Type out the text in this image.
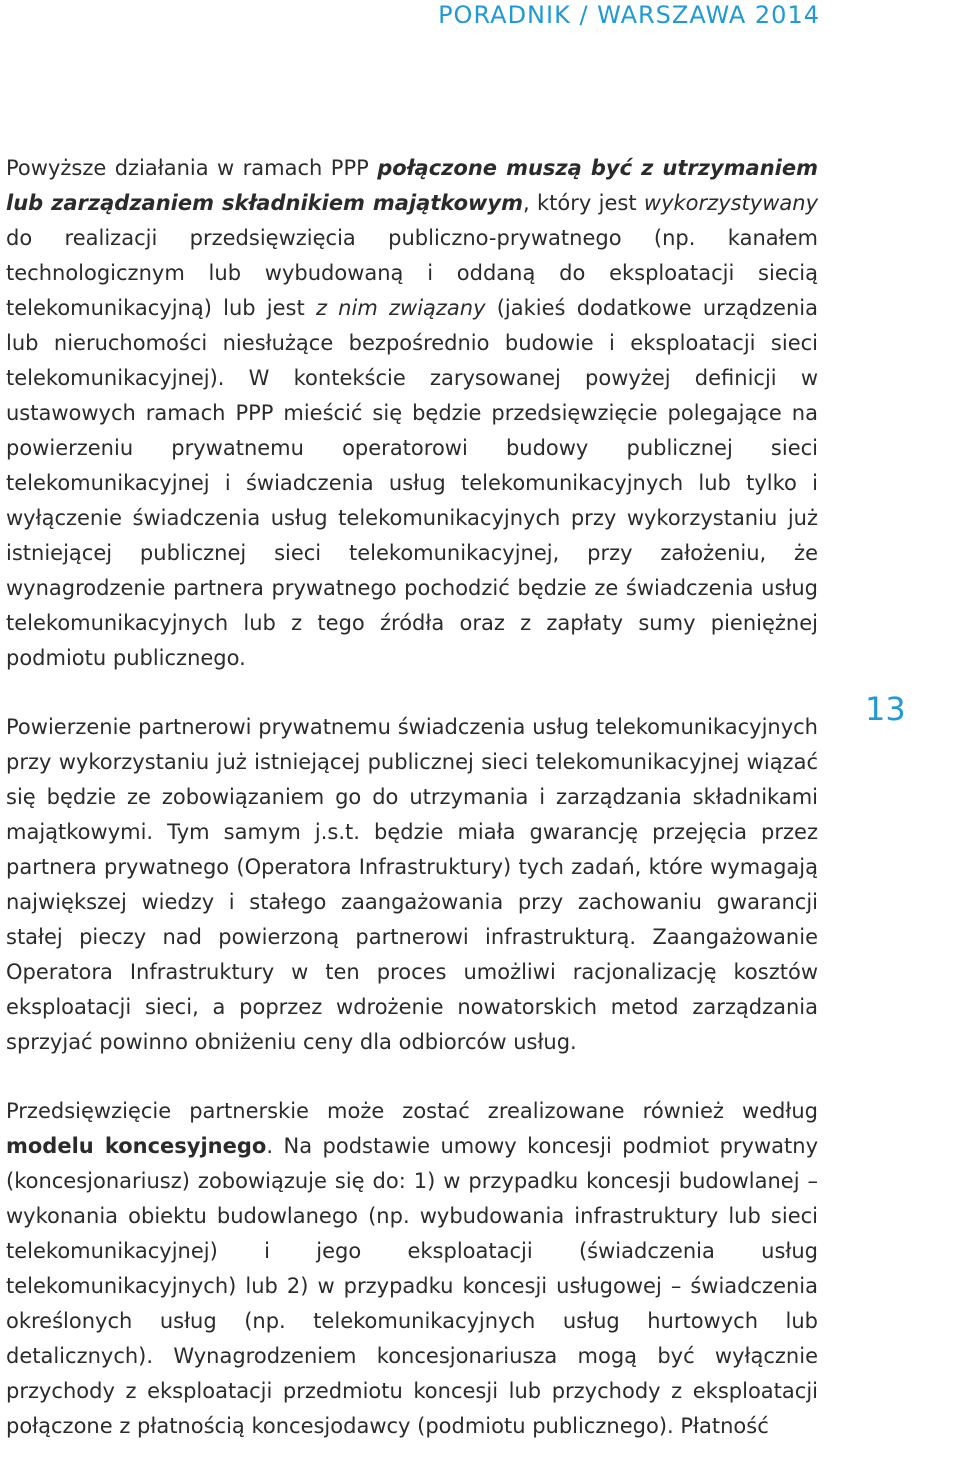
PORADNIK / WARSZAWA 2014
13

Powyższe działania w ramach PPP połączone muszą być z utrzymaniem lub zarządzaniem składnikiem majątkowym, który jest wykorzystywany do realizacji przedsięwzięcia publiczno-prywatnego (np. kanałem technologicznym lub wybudowaną i oddaną do eksploatacji siecią telekomunikacyjną) lub jest z nim związany (jakieś dodatkowe urządzenia lub nieruchomości niesłużące bezpośrednio budowie i eksploatacji sieci telekomunikacyjnej). W kontekście zarysowanej powyżej definicji w ustawowych ramach PPP mieścić się będzie przedsięwzięcie polegające na powierzeniu prywatnemu operatorowi budowy publicznej sieci telekomunikacyjnej i świadczenia usług telekomunikacyjnych lub tylko i wyłączenie świadczenia usług telekomunikacyjnych przy wykorzystaniu już istniejącej publicznej sieci telekomunikacyjnej, przy założeniu, że wynagrodzenie partnera prywatnego pochodzić będzie ze świadczenia usług telekomunikacyjnych lub z tego źródła oraz z zapłaty sumy pieniężnej podmiotu publicznego.

Powierzenie partnerowi prywatnemu świadczenia usług telekomunikacyjnych przy wykorzystaniu już istniejącej publicznej sieci telekomunikacyjnej wiązać się będzie ze zobowiązaniem go do utrzymania i zarządzania składnikami majątkowymi. Tym samym j.s.t. będzie miała gwarancję przejęcia przez partnera prywatnego (Operatora Infrastruktury) tych zadań, które wymagają największej wiedzy i stałego zaangażowania przy zachowaniu gwarancji stałej pieczy nad powierzoną partnerowi infrastrukturą. Zaangażowanie Operatora Infrastruktury w ten proces umożliwi racjonalizację kosztów eksploatacji sieci, a poprzez wdrożenie nowatorskich metod zarządzania sprzyjać powinno obniżeniu ceny dla odbiorców usług.

Przedsięwzięcie partnerskie może zostać zrealizowane również według modelu koncesyjnego. Na podstawie umowy koncesji podmiot prywatny (koncesjonariusz) zobowiązuje się do: 1) w przypadku koncesji budowlanej – wykonania obiektu budowlanego (np. wybudowania infrastruktury lub sieci telekomunikacyjnej) i jego eksploatacji (świadczenia usług telekomunikacyjnych) lub 2) w przypadku koncesji usługowej – świadczenia określonych usług (np. telekomunikacyjnych usług hurtowych lub detalicznych). Wynagrodzeniem koncesjonariusza mogą być wyłącznie przychody z eksploatacji przedmiotu koncesji lub przychody z eksploatacji połączone z płatnością koncesjodawcy (podmiotu publicznego). Płatność
